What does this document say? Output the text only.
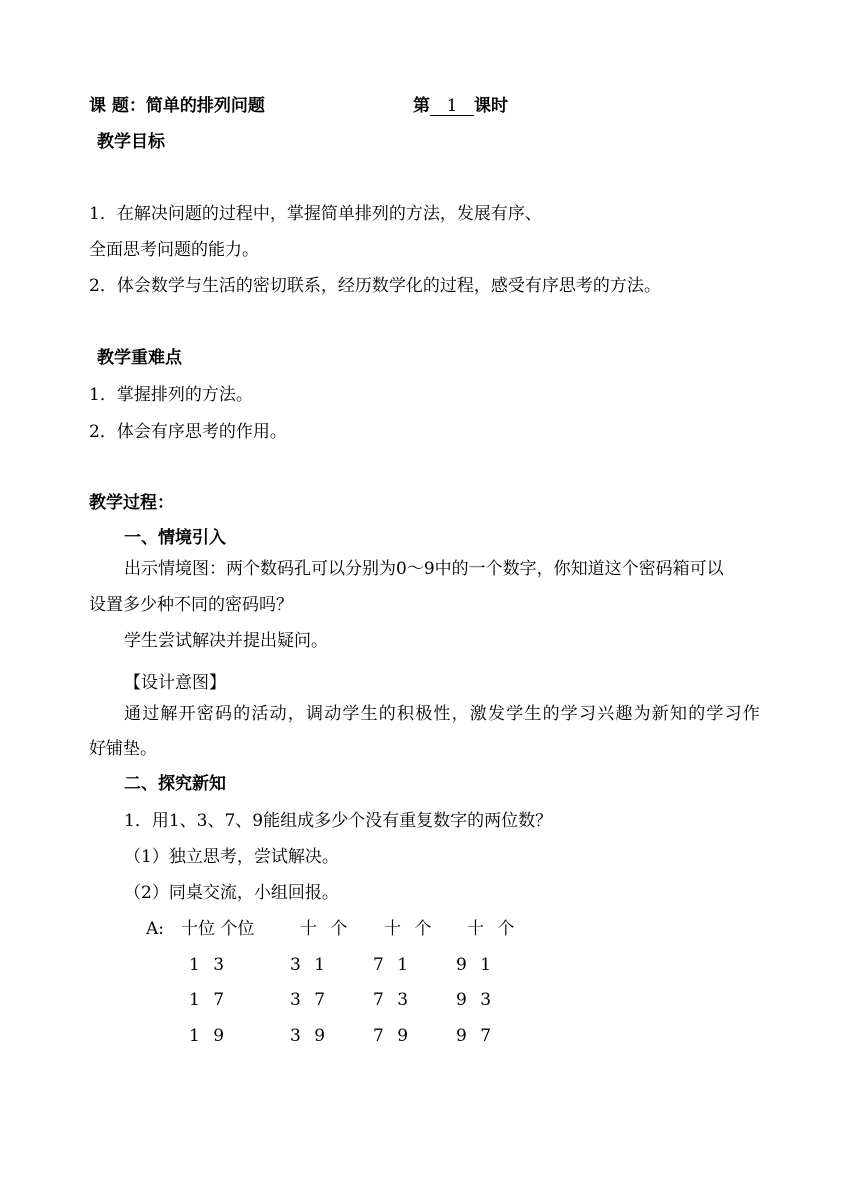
课 题：简单的排列问题	第 1 课时
教学目标
1．在解决问题的过程中，掌握简单排列的方法，发展有序、
全面思考问题的能力。
2．体会数学与生活的密切联系，经历数学化的过程，感受有序思考的方法。
教学重难点
1．掌握排列的方法。
2．体会有序思考的作用。
教学过程：
一、情境引入
出示情境图：两个数码孔可以分别为0～9中的一个数字，你知道这个密码箱可以
设置多少种不同的密码吗？
学生尝试解决并提出疑问。
【设计意图】
通过解开密码的活动，调动学生的积极性，激发学生的学习兴趣为新知的学习作
好铺垫。
二、探究新知
1．用1、3、7、9能组成多少个没有重复数字的两位数？
（1）独立思考，尝试解决。
（2）同桌交流，小组回报。
A: 十位 个位	十 个 十 个 十 个
1 3	3 1	7 1	9 1
1 7	3 7	7 3	9 3
1 9	3 9	7 9	9 7
